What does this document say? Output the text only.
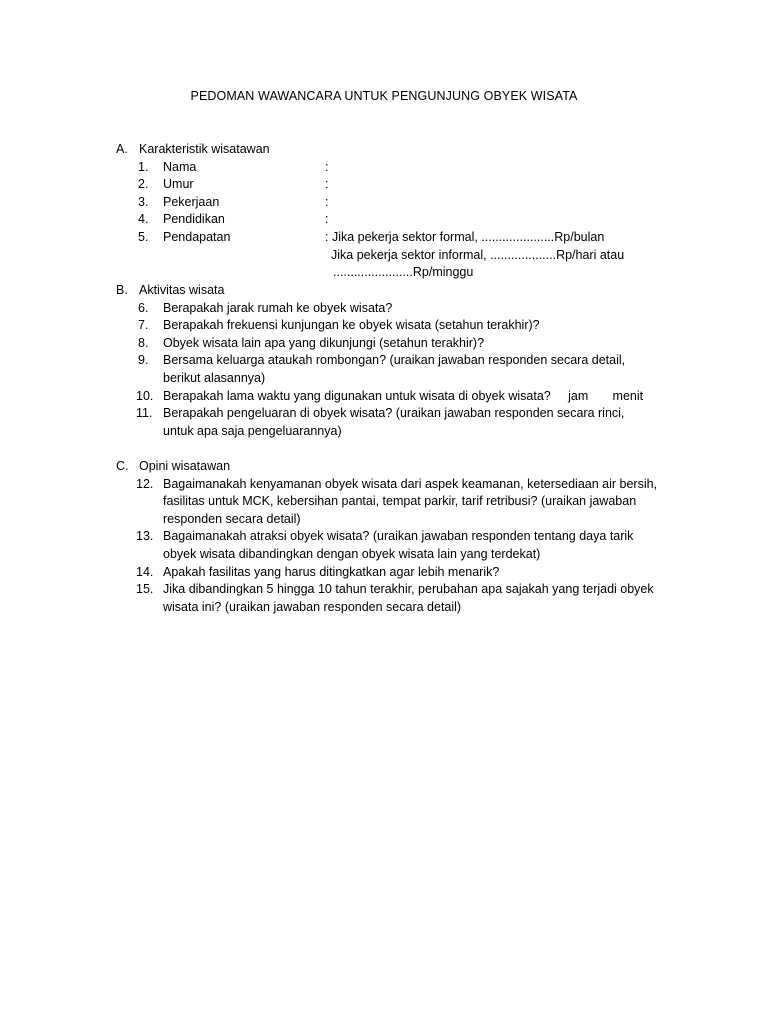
PEDOMAN WAWANCARA UNTUK PENGUNJUNG OBYEK WISATA
A. Karakteristik wisatawan
1.	Nama	:
2.	Umur	:
3.	Pekerjaan	:
4.	Pendidikan	:
5.	Pendapatan	: Jika pekerja sektor formal, .....................Rp/bulan
Jika pekerja sektor informal, ...................Rp/hari atau
.......................Rp/minggu
B. Aktivitas wisata
6.	Berapakah jarak rumah ke obyek wisata?
7.	Berapakah frekuensi kunjungan ke obyek wisata (setahun terakhir)?
8.	Obyek wisata lain apa yang dikunjungi (setahun terakhir)?
9.	Bersama keluarga ataukah rombongan? (uraikan jawaban responden secara detail,
berikut alasannya)
10. Berapakah lama waktu yang digunakan untuk wisata di obyek wisata?     jam       menit
11. Berapakah pengeluaran di obyek wisata? (uraikan jawaban responden secara rinci,
untuk apa saja pengeluarannya)
C. Opini wisatawan
12. Bagaimanakah kenyamanan obyek wisata dari aspek keamanan, ketersediaan air bersih,
fasilitas untuk MCK, kebersihan pantai, tempat parkir, tarif retribusi? (uraikan jawaban
responden secara detail)
13. Bagaimanakah atraksi obyek wisata? (uraikan jawaban responden tentang daya tarik
obyek wisata dibandingkan dengan obyek wisata lain yang terdekat)
14. Apakah fasilitas yang harus ditingkatkan agar lebih menarik?
15. Jika dibandingkan 5 hingga 10 tahun terakhir, perubahan apa sajakah yang terjadi obyek
wisata ini? (uraikan jawaban responden secara detail)
